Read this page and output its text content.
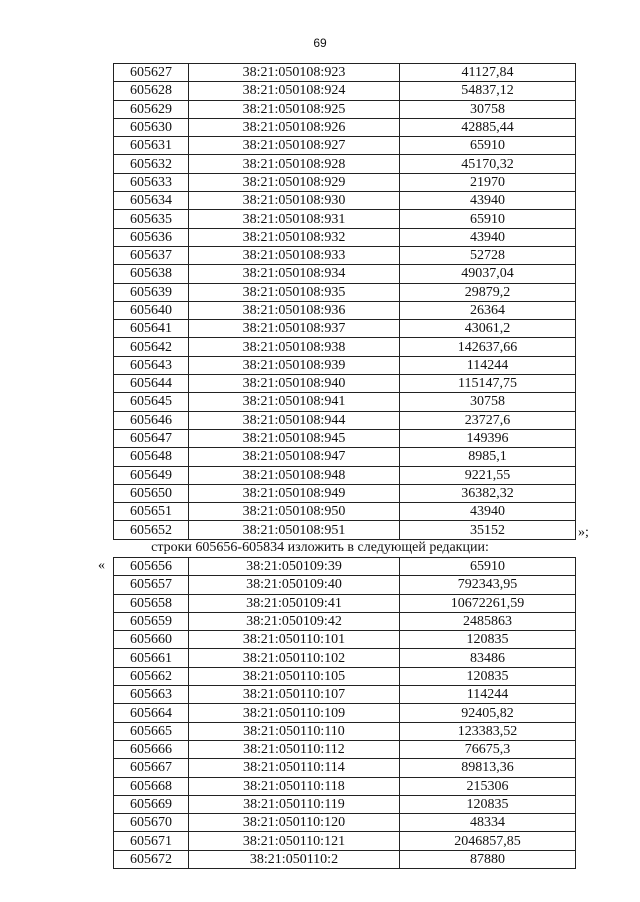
69
605627	38:21:050108:923	41127,84
605628	38:21:050108:924	54837,12
605629	38:21:050108:925	30758
605630	38:21:050108:926	42885,44
605631	38:21:050108:927	65910
605632	38:21:050108:928	45170,32
605633	38:21:050108:929	21970
605634	38:21:050108:930	43940
605635	38:21:050108:931	65910
605636	38:21:050108:932	43940
605637	38:21:050108:933	52728
605638	38:21:050108:934	49037,04
605639	38:21:050108:935	29879,2
605640	38:21:050108:936	26364
605641	38:21:050108:937	43061,2
605642	38:21:050108:938	142637,66
605643	38:21:050108:939	114244
605644	38:21:050108:940	115147,75
605645	38:21:050108:941	30758
605646	38:21:050108:944	23727,6
605647	38:21:050108:945	149396
605648	38:21:050108:947	8985,1
605649	38:21:050108:948	9221,55
605650	38:21:050108:949	36382,32
605651	38:21:050108:950	43940
605652	38:21:050108:951	35152	»;
строки 605656-605834 изложить в следующей редакции:
« 605656	38:21:050109:39	65910
605657	38:21:050109:40	792343,95
605658	38:21:050109:41	10672261,59
605659	38:21:050109:42	2485863
605660	38:21:050110:101	120835
605661	38:21:050110:102	83486
605662	38:21:050110:105	120835
605663	38:21:050110:107	114244
605664	38:21:050110:109	92405,82
605665	38:21:050110:110	123383,52
605666	38:21:050110:112	76675,3
605667	38:21:050110:114	89813,36
605668	38:21:050110:118	215306
605669	38:21:050110:119	120835
605670	38:21:050110:120	48334
605671	38:21:050110:121	2046857,85
605672	38:21:050110:2	87880
